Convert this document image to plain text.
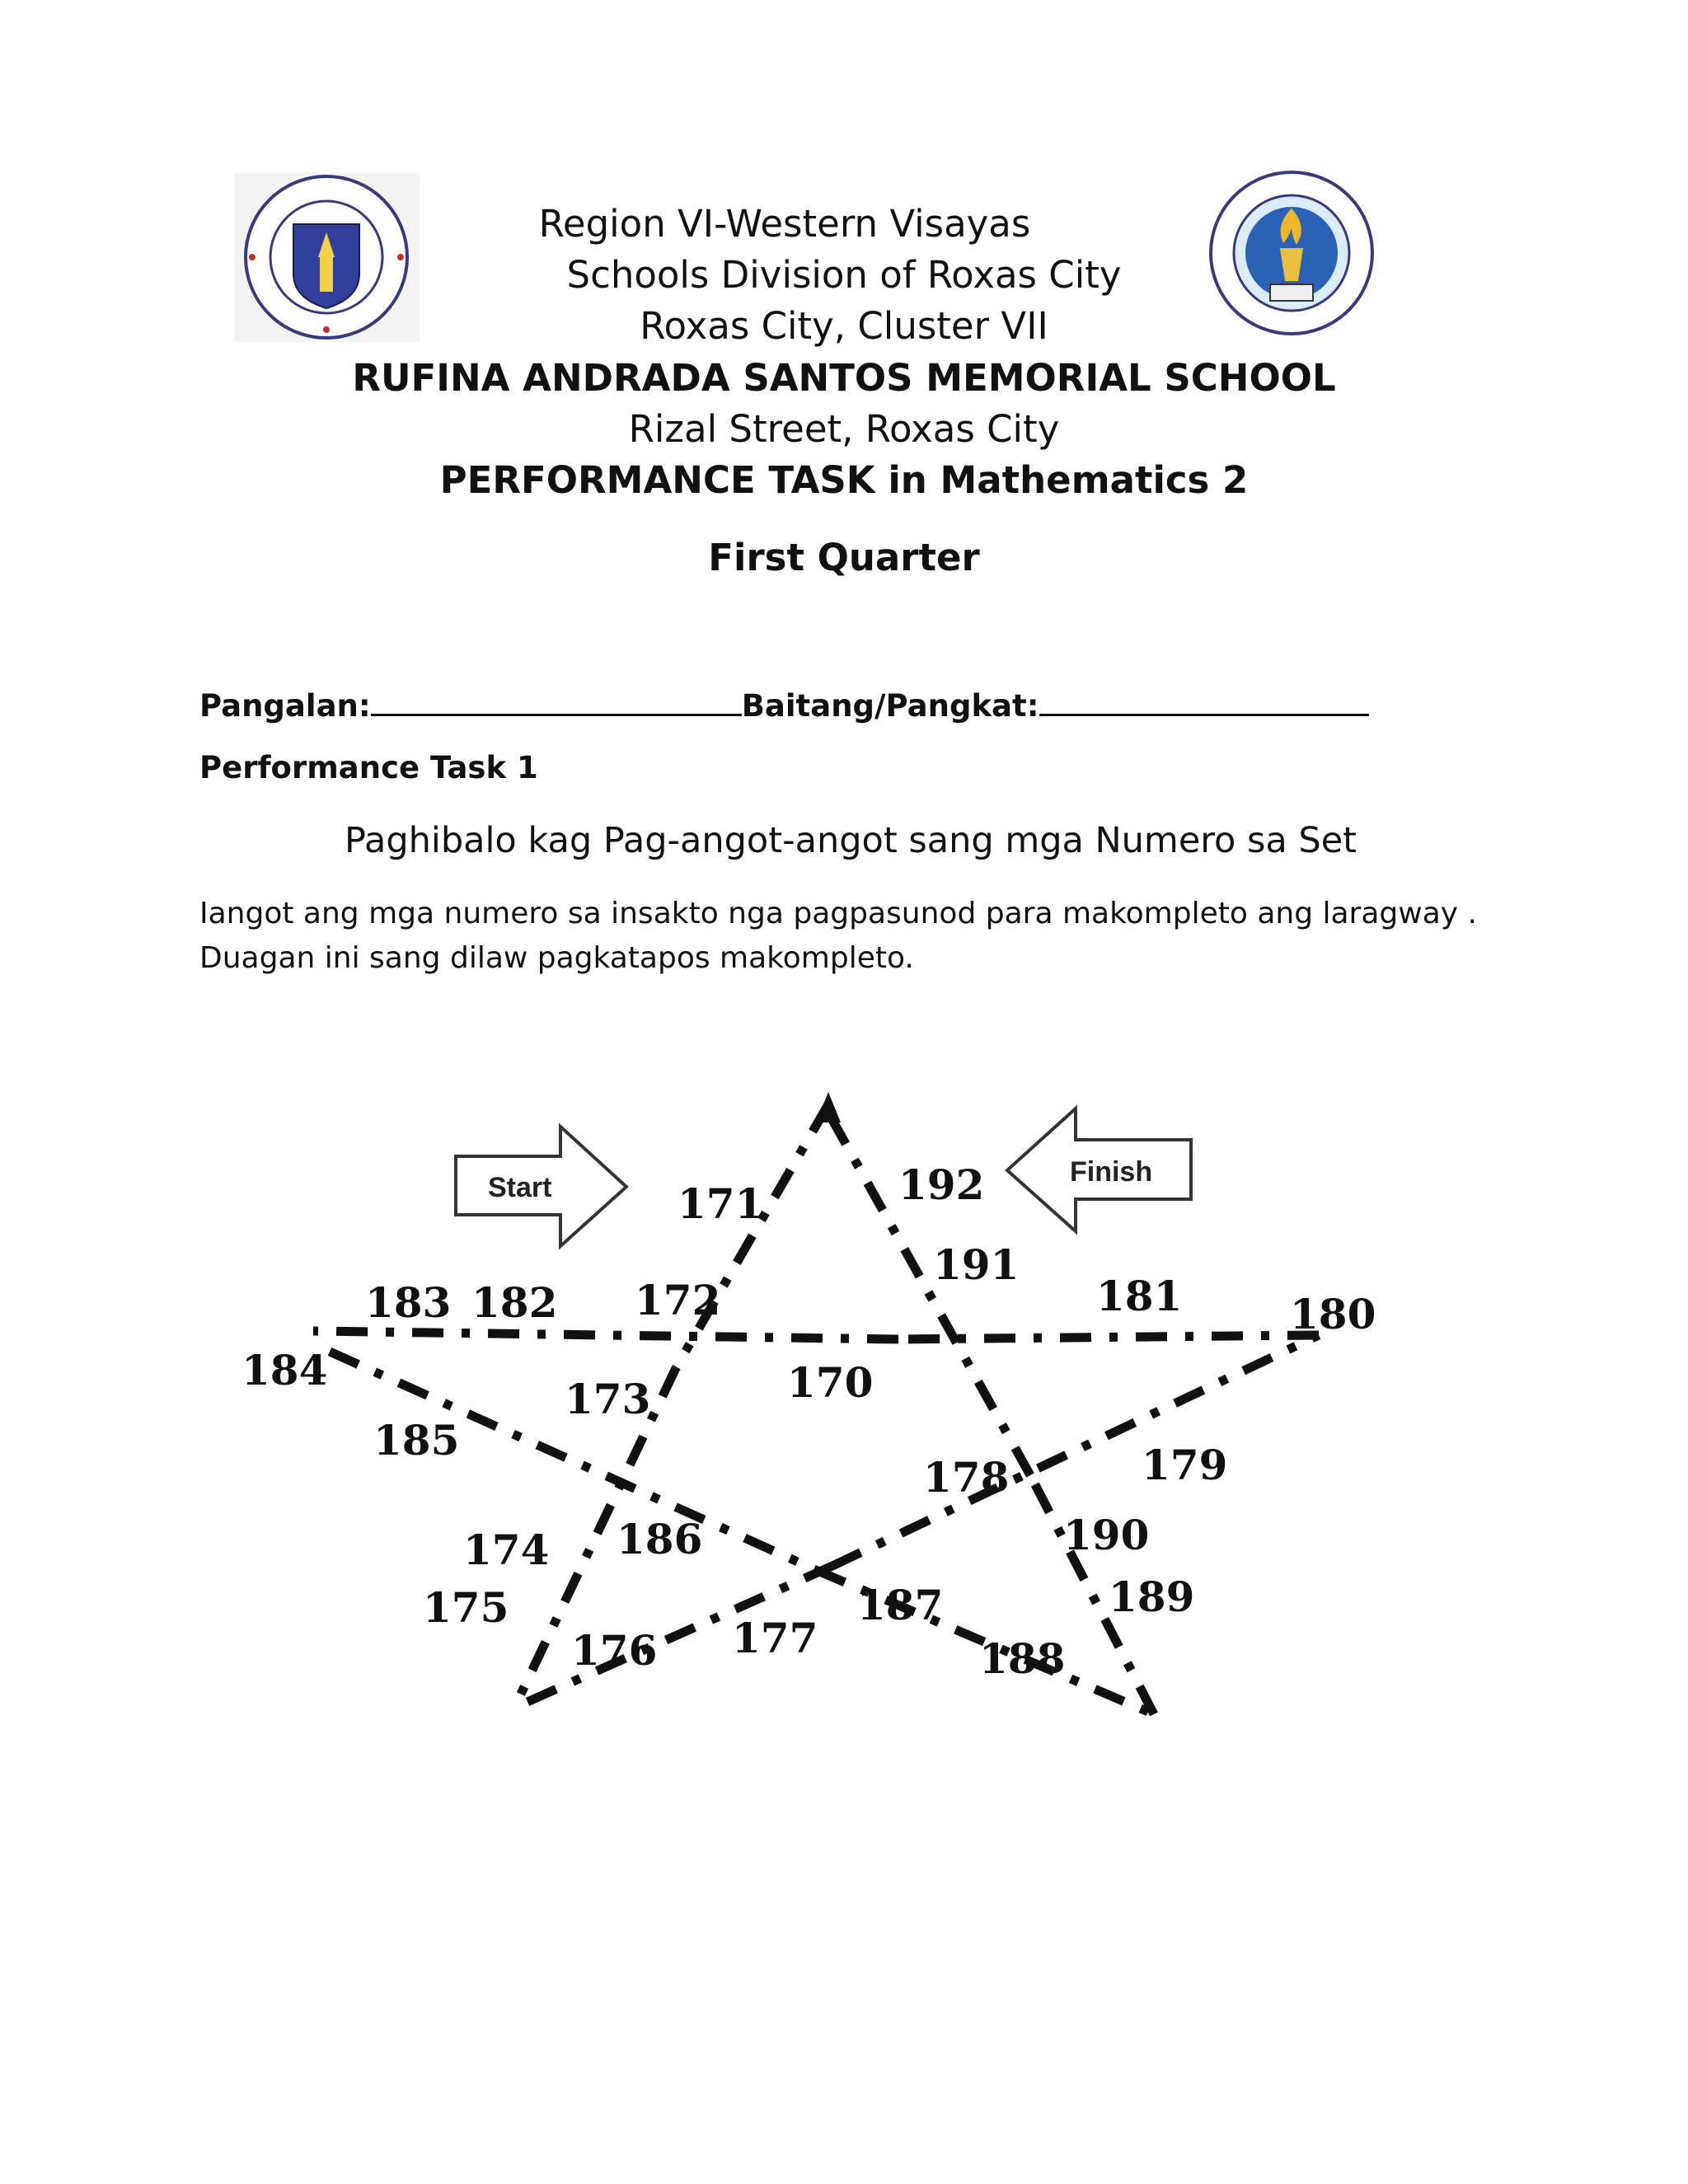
Region VI-Western Visayas
Schools Division of Roxas City
Roxas City, Cluster VII
RUFINA ANDRADA SANTOS MEMORIAL SCHOOL
Rizal Street, Roxas City
PERFORMANCE TASK in Mathematics 2
First Quarter
Pangalan:	Baitang/Pangkat:
Performance Task 1
Paghibalo kag Pag-angot-angot sang mga Numero sa Set
Iangot ang mga numero sa insakto nga pagpasunod para makompleto ang laragway .
Duagan ini sang dilaw pagkatapos makompleto.
Start	Finish
171	192
191
183 182 172	181	180
184
173	170
185
178	179
174 186	190
175	187	189
177
176	188
